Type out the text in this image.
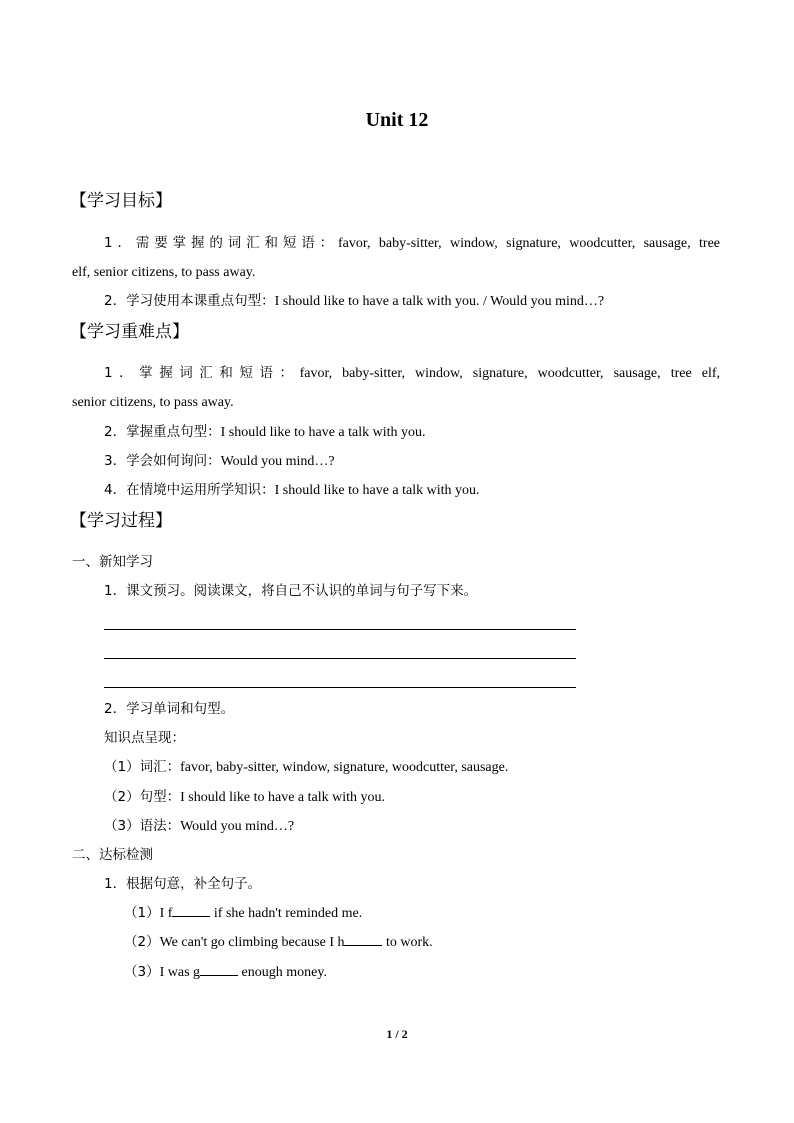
Unit 12
【学习目标】
1．需要掌握的词汇和短语：favor, baby-sitter, window, signature, woodcutter, sausage, tree
elf, senior citizens, to pass away.
2．学习使用本课重点句型：I should like to have a talk with you. / Would you mind…?
【学习重难点】
1．掌握词汇和短语：favor, baby-sitter, window, signature, woodcutter, sausage, tree elf,
senior citizens, to pass away.
2．掌握重点句型：I should like to have a talk with you.
3．学会如何询问：Would you mind…?
4．在情境中运用所学知识：I should like to have a talk with you.
【学习过程】
一、新知学习
1．课文预习。阅读课文，将自己不认识的单词与句子写下来。
2．学习单词和句型。
知识点呈现：
（1）词汇：favor, baby-sitter, window, signature, woodcutter, sausage.
（2）句型：I should like to have a talk with you.
（3）语法：Would you mind…?
二、达标检测
1．根据句意，补全句子。
（1）I f	if she hadn't reminded me.
（2）We can't go climbing because I h	to work.
（3）I was g	enough money.
1 / 2
